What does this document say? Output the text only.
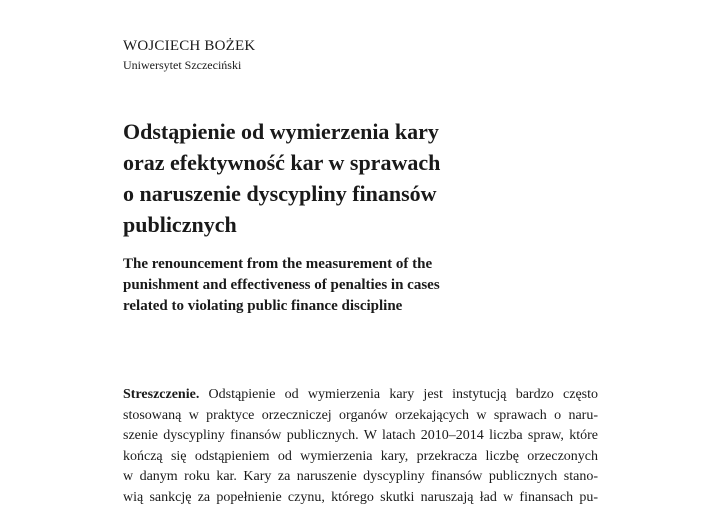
WOJCIECH BOŻEK
Uniwersytet Szczeciński
Odstąpienie od wymierzenia kary
oraz efektywność kar w sprawach
o naruszenie dyscypliny finansów
publicznych
The renouncement from the measurement of the
punishment and effectiveness of penalties in cases
related to violating public finance discipline
Streszczenie. Odstąpienie od wymierzenia kary jest instytucją bardzo często
stosowaną w praktyce orzeczniczej organów orzekających w sprawach o naru-
szenie dyscypliny finansów publicznych. W latach 2010–2014 liczba spraw, które
kończą się odstąpieniem od wymierzenia kary, przekracza liczbę orzeczonych
w danym roku kar. Kary za naruszenie dyscypliny finansów publicznych stano-
wią sankcję za popełnienie czynu, którego skutki naruszają ład w finansach pu-
